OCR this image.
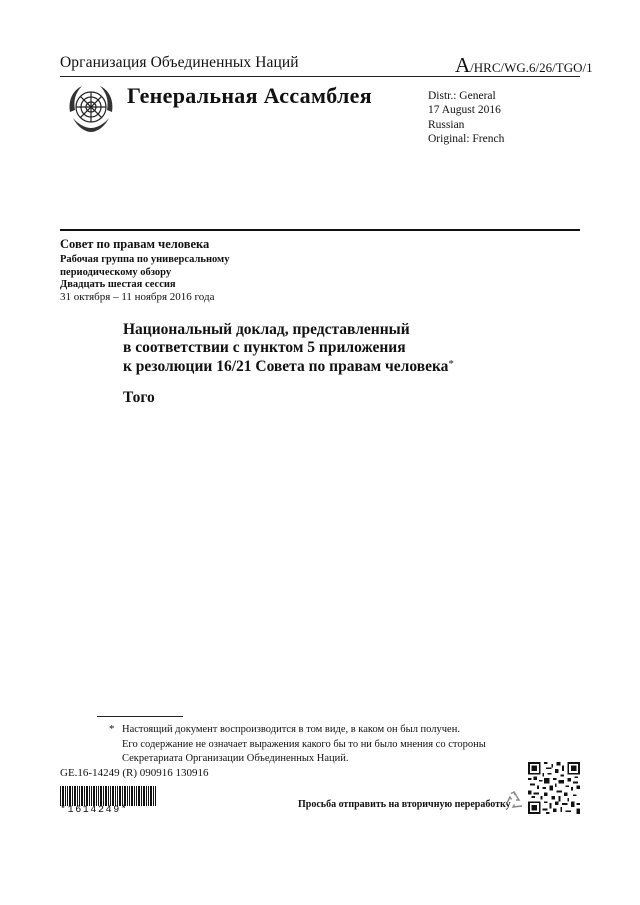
Организация Объединенных Наций	A/HRC/WG.6/26/TGO/1
Генеральная Ассамблея	Distr.: General
17 August 2016
Russian
Original: French
Совет по правам человека
Рабочая группа по универсальному
периодическому обзору
Двадцать шестая сессия
31 октября – 11 ноября 2016 года
Национальный доклад, представленный
в соответствии с пунктом 5 приложения
к резолюции 16/21 Совета по правам человека*
Того
* Настоящий документ воспроизводится в том виде, в каком он был получен.
Его содержание не означает выражения какого бы то ни было мнения со стороны
Секретариата Организации Объединенных Наций.
GE.16-14249 (R) 090916 130916
*1614249*
Просьба отправить на вторичную переработку
